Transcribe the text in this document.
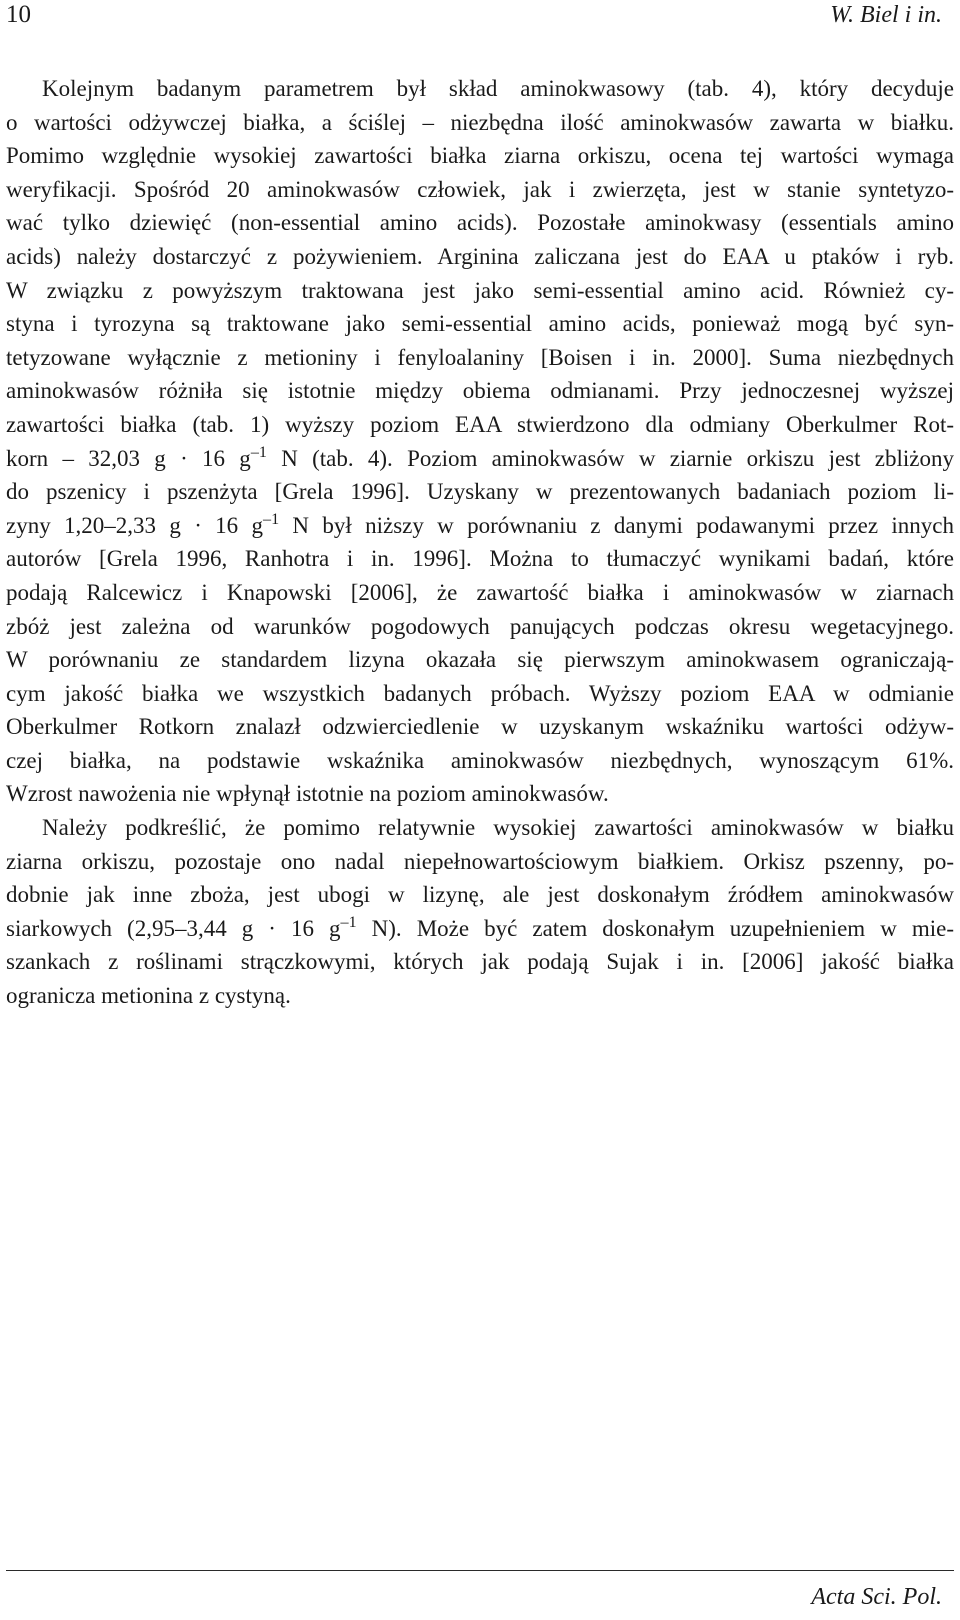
10	W. Biel i in.
Kolejnym badanym parametrem był skład aminokwasowy (tab. 4), który decyduje
o wartości odżywczej białka, a ściślej – niezbędna ilość aminokwasów zawarta w białku.
Pomimo względnie wysokiej zawartości białka ziarna orkiszu, ocena tej wartości wymaga
weryfikacji. Spośród 20 aminokwasów człowiek, jak i zwierzęta, jest w stanie syntetyzo-
wać tylko dziewięć (non-essential amino acids). Pozostałe aminokwasy (essentials amino
acids) należy dostarczyć z pożywieniem. Arginina zaliczana jest do EAA u ptaków i ryb.
W związku z powyższym traktowana jest jako semi-essential amino acid. Również cy-
styna i tyrozyna są traktowane jako semi-essential amino acids, ponieważ mogą być syn-
tetyzowane wyłącznie z metioniny i fenyloalaniny [Boisen i in. 2000]. Suma niezbędnych
aminokwasów różniła się istotnie między obiema odmianami. Przy jednoczesnej wyższej
zawartości białka (tab. 1) wyższy poziom EAA stwierdzono dla odmiany Oberkulmer Rot-
korn – 32,03 g · 16 $g^{-1}$ N (tab. 4). Poziom aminokwasów w ziarnie orkiszu jest zbliżony
do pszenicy i pszenżyta [Grela 1996]. Uzyskany w prezentowanych badaniach poziom li-
zyny 1,20–2,33 g · 16 $g^{-1}$ N był niższy w porównaniu z danymi podawanymi przez innych
autorów [Grela 1996, Ranhotra i in. 1996]. Można to tłumaczyć wynikami badań, które
podają Ralcewicz i Knapowski [2006], że zawartość białka i aminokwasów w ziarnach
zbóż jest zależna od warunków pogodowych panujących podczas okresu wegetacyjnego.
W porównaniu ze standardem lizyna okazała się pierwszym aminokwasem ograniczają-
cym jakość białka we wszystkich badanych próbach. Wyższy poziom EAA w odmianie
Oberkulmer Rotkorn znalazł odzwierciedlenie w uzyskanym wskaźniku wartości odżyw-
czej białka, na podstawie wskaźnika aminokwasów niezbędnych, wynoszącym 61%.
Wzrost nawożenia nie wpłynął istotnie na poziom aminokwasów.
Należy podkreślić, że pomimo relatywnie wysokiej zawartości aminokwasów w białku
ziarna orkiszu, pozostaje ono nadal niepełnowartościowym białkiem. Orkisz pszenny, po-
dobnie jak inne zboża, jest ubogi w lizynę, ale jest doskonałym źródłem aminokwasów
siarkowych (2,95–3,44 g · 16 $g^{-1}$ N). Może być zatem doskonałym uzupełnieniem w mie-
szankach z roślinami strączkowymi, których jak podają Sujak i in. [2006] jakość białka
ogranicza metionina z cystyną.
Acta Sci. Pol.
